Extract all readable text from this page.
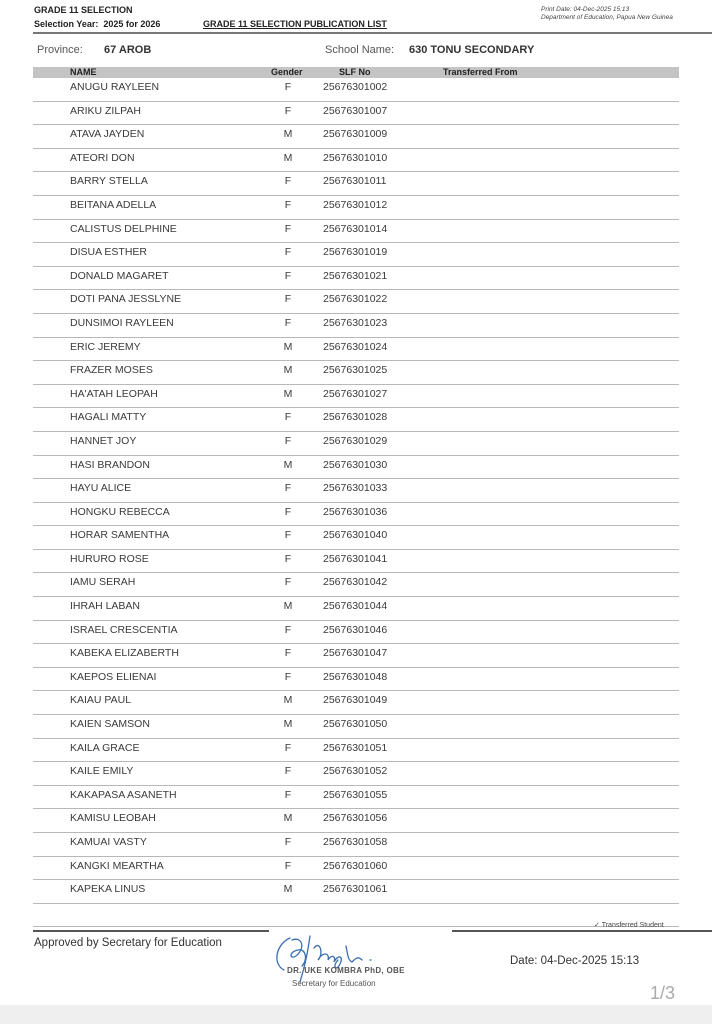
GRADE 11 SELECTION
Selection Year: 2025 for 2026	GRADE 11 SELECTION PUBLICATION LIST
Print Date: 04-Dec-2025 15:13
Department of Education, Papua New Guinea
Province: 67 AROB	School Name: 630 TONU SECONDARY
NAME	Gender	SLF No	Transferred From
ANUGU RAYLEEN	F	25676301002
ARIKU ZILPAH	F	25676301007
ATAVA JAYDEN	M	25676301009
ATEORI DON	M	25676301010
BARRY STELLA	F	25676301011
BEITANA ADELLA	F	25676301012
CALISTUS DELPHINE	F	25676301014
DISUA ESTHER	F	25676301019
DONALD MAGARET	F	25676301021
DOTI PANA JESSLYNE	F	25676301022
DUNSIMOI RAYLEEN	F	25676301023
ERIC JEREMY	M	25676301024
FRAZER MOSES	M	25676301025
HA'ATAH LEOPAH	M	25676301027
HAGALI MATTY	F	25676301028
HANNET JOY	F	25676301029
HASI BRANDON	M	25676301030
HAYU ALICE	F	25676301033
HONGKU REBECCA	F	25676301036
HORAR SAMENTHA	F	25676301040
HURURO ROSE	F	25676301041
IAMU SERAH	F	25676301042
IHRAH LABAN	M	25676301044
ISRAEL CRESCENTIA	F	25676301046
KABEKA ELIZABERTH	F	25676301047
KAEPOS ELIENAI	F	25676301048
KAIAU PAUL	M	25676301049
KAIEN SAMSON	M	25676301050
KAILA GRACE	F	25676301051
KAILE EMILY	F	25676301052
KAKAPASA ASANETH	F	25676301055
KAMISU LEOBAH	M	25676301056
KAMUAI VASTY	F	25676301058
KANGKI MEARTHA	F	25676301060
KAPEKA LINUS	M	25676301061
✓ Transferred Student
Approved by Secretary for Education
DR. UKE KOMBRA PhD, OBE
Secretary for Education
Date: 04-Dec-2025 15:13
1/3
